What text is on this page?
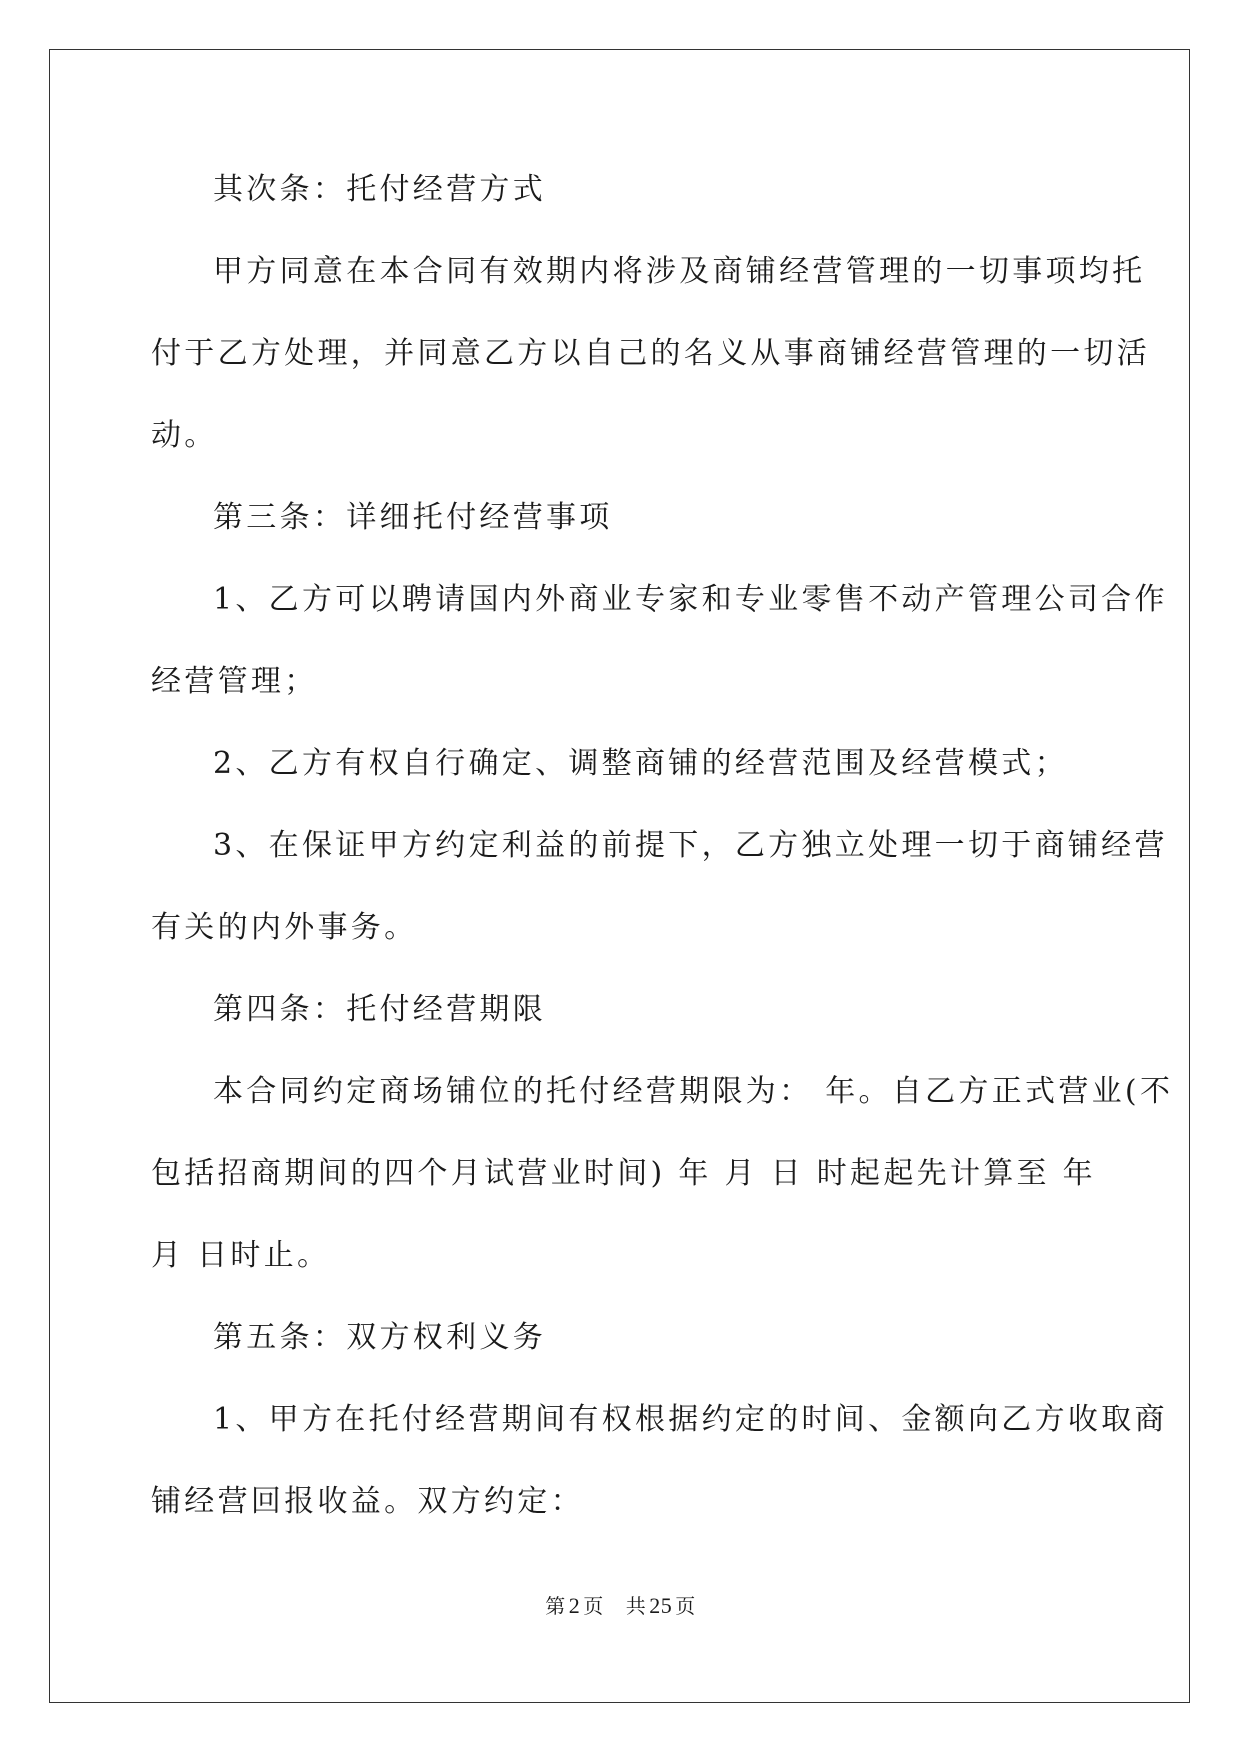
其次条：托付经营方式
甲方同意在本合同有效期内将涉及商铺经营管理的一切事项均托
付于乙方处理，并同意乙方以自己的名义从事商铺经营管理的一切活
动。
第三条：详细托付经营事项
1、乙方可以聘请国内外商业专家和专业零售不动产管理公司合作
经营管理；
2、乙方有权自行确定、调整商铺的经营范围及经营模式；
3、在保证甲方约定利益的前提下，乙方独立处理一切于商铺经营
有关的内外事务。
第四条：托付经营期限
本合同约定商场铺位的托付经营期限为： 年。自乙方正式营业(不
包括招商期间的四个月试营业时间) 年 月 日 时起起先计算至 年
月 日时止。
第五条：双方权利义务
1、甲方在托付经营期间有权根据约定的时间、金额向乙方收取商
铺经营回报收益。双方约定：
第 2 页 共 25 页
